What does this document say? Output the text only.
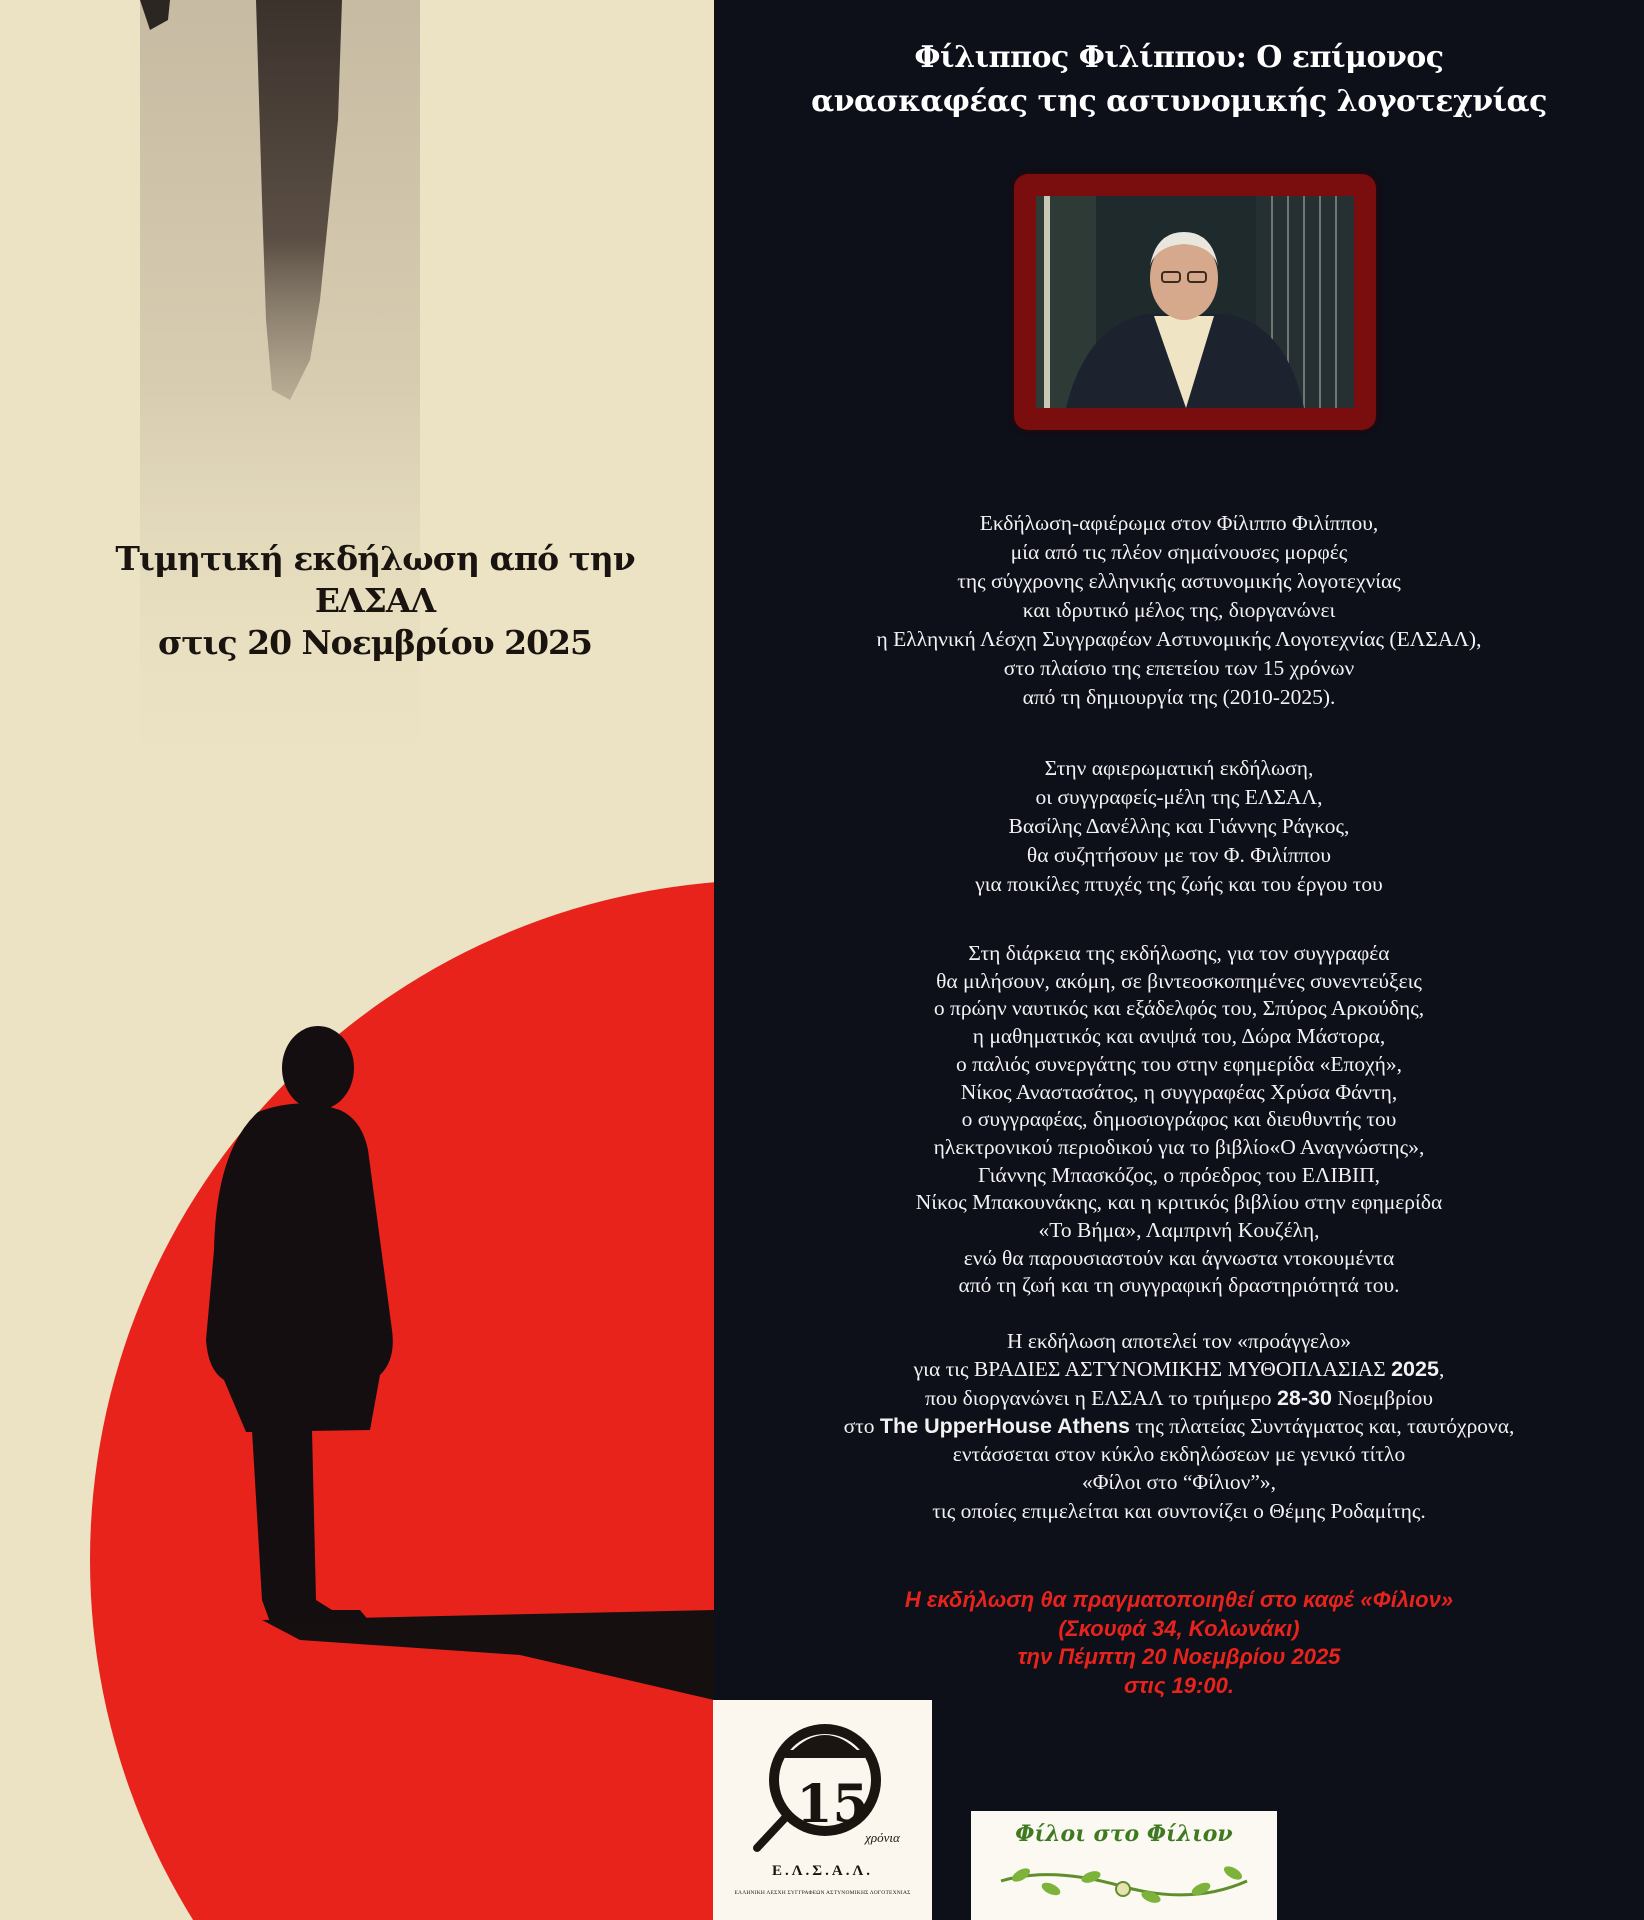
Τιμητική εκδήλωση από την ΕΛΣΑΛ
στις 20 Νοεμβρίου 2025
Φίλιππος Φιλίππου: Ο επίμονος
ανασκαφέας της αστυνομικής λογοτεχνίας
Εκδήλωση-αφιέρωμα στον Φίλιππο Φιλίππου,
μία από τις πλέον σημαίνουσες μορφές
της σύγχρονης ελληνικής αστυνομικής λογοτεχνίας
και ιδρυτικό μέλος της, διοργανώνει
η Ελληνική Λέσχη Συγγραφέων Αστυνομικής Λογοτεχνίας (ΕΛΣΑΛ),
στο πλαίσιο της επετείου των 15 χρόνων
από τη δημιουργία της (2010-2025).
Στην αφιερωματική εκδήλωση,
οι συγγραφείς-μέλη της ΕΛΣΑΛ,
Βασίλης Δανέλλης και Γιάννης Ράγκος,
θα συζητήσουν με τον Φ. Φιλίππου
για ποικίλες πτυχές της ζωής και του έργου του
Στη διάρκεια της εκδήλωσης, για τον συγγραφέα
θα μιλήσουν, ακόμη, σε βιντεοσκοπημένες συνεντεύξεις
ο πρώην ναυτικός και εξάδελφός του, Σπύρος Αρκούδης,
η μαθηματικός και ανιψιά του, Δώρα Μάστορα,
ο παλιός συνεργάτης του στην εφημερίδα «Εποχή»,
Νίκος Αναστασάτος, η συγγραφέας Χρύσα Φάντη,
ο συγγραφέας, δημοσιογράφος και διευθυντής του
ηλεκτρονικού περιοδικού για το βιβλίο«Ο Αναγνώστης»,
Γιάννης Μπασκόζος, ο πρόεδρος του ΕΛΙΒΙΠ,
Νίκος Μπακουνάκης, και η κριτικός βιβλίου στην εφημερίδα
«Το Βήμα», Λαμπρινή Κουζέλη,
ενώ θα παρουσιαστούν και άγνωστα ντοκουμέντα
από τη ζωή και τη συγγραφική δραστηριότητά του.
Η εκδήλωση αποτελεί τον «προάγγελο»
για τις ΒΡΑΔΙΕΣ ΑΣΤΥΝΟΜΙΚΗΣ ΜΥΘΟΠΛΑΣΙΑΣ 2025,
που διοργανώνει η ΕΛΣΑΛ το τριήμερο 28-30 Νοεμβρίου
στο The UpperHouse Athens της πλατείας Συντάγματος και, ταυτόχρονα,
εντάσσεται στον κύκλο εκδηλώσεων με γενικό τίτλο
«Φίλοι στο “Φίλιον”»,
τις οποίες επιμελείται και συντονίζει ο Θέμης Ροδαμίτης.
Η εκδήλωση θα πραγματοποιηθεί στο καφέ «Φίλιον»
(Σκουφά 34, Κολωνάκι)
την Πέμπτη 20 Νοεμβρίου 2025
στις 19:00.
15
χρόνια
Ε.Λ.Σ.Α.Λ.
ΕΛΛΗΝΙΚΗ ΛΕΣΧΗ ΣΥΓΓΡΑΦΕΩΝ ΑΣΤΥΝΟΜΙΚΗΣ ΛΟΓΟΤΕΧΝΙΑΣ
Φίλοι στο Φίλιον
